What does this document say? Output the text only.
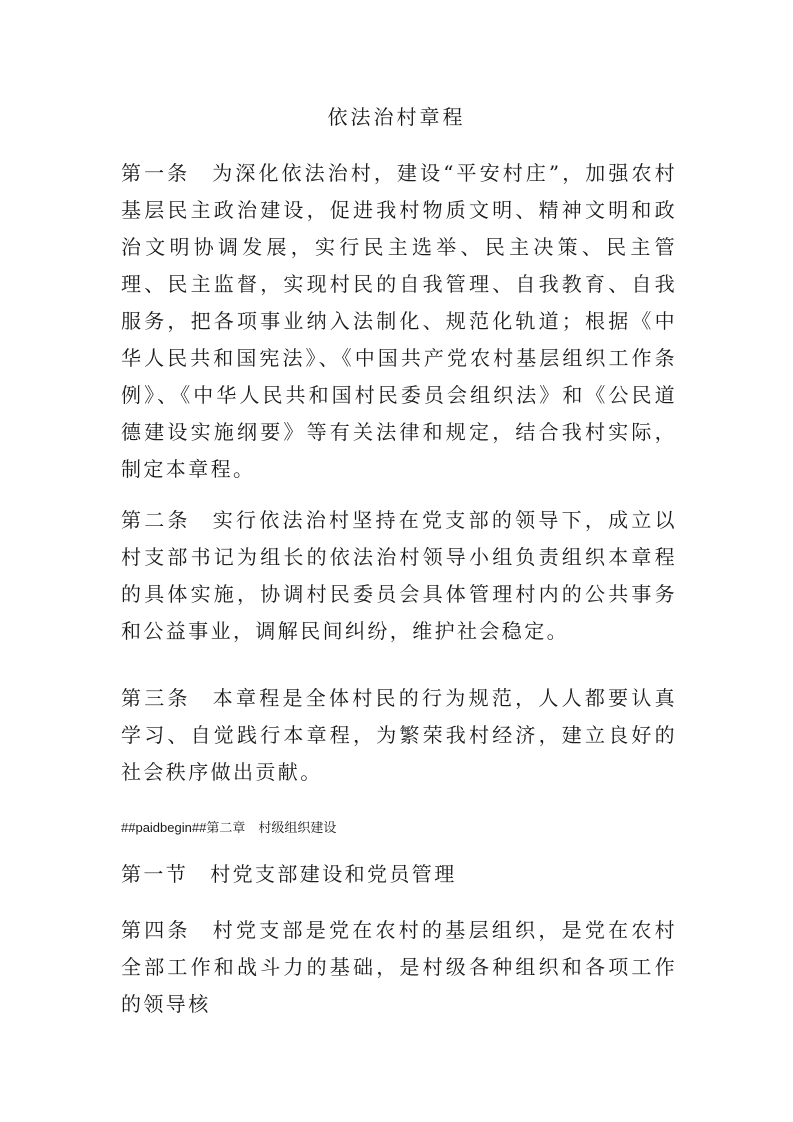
依法治村章程

第一条 为深化依法治村，建设“平安村庄”，加强农村基层民主政治建设，促进我村物质文明、精神文明和政治文明协调发展，实行民主选举、民主决策、民主管理、民主监督，实现村民的自我管理、自我教育、自我服务，把各项事业纳入法制化、规范化轨道；根据《中华人民共和国宪法》、《中国共产党农村基层组织工作条例》、《中华人民共和国村民委员会组织法》和《公民道德建设实施纲要》等有关法律和规定，结合我村实际，制定本章程。

第二条 实行依法治村坚持在党支部的领导下，成立以村支部书记为组长的依法治村领导小组负责组织本章程的具体实施，协调村民委员会具体管理村内的公共事务和公益事业，调解民间纠纷，维护社会稳定。

第三条 本章程是全体村民的行为规范，人人都要认真学习、自觉践行本章程，为繁荣我村经济，建立良好的社会秩序做出贡献。

##paidbegin##第二章　村级组织建设
第一节 村党支部建设和党员管理

第四条 村党支部是党在农村的基层组织，是党在农村全部工作和战斗力的基础，是村级各种组织和各项工作的领导核
